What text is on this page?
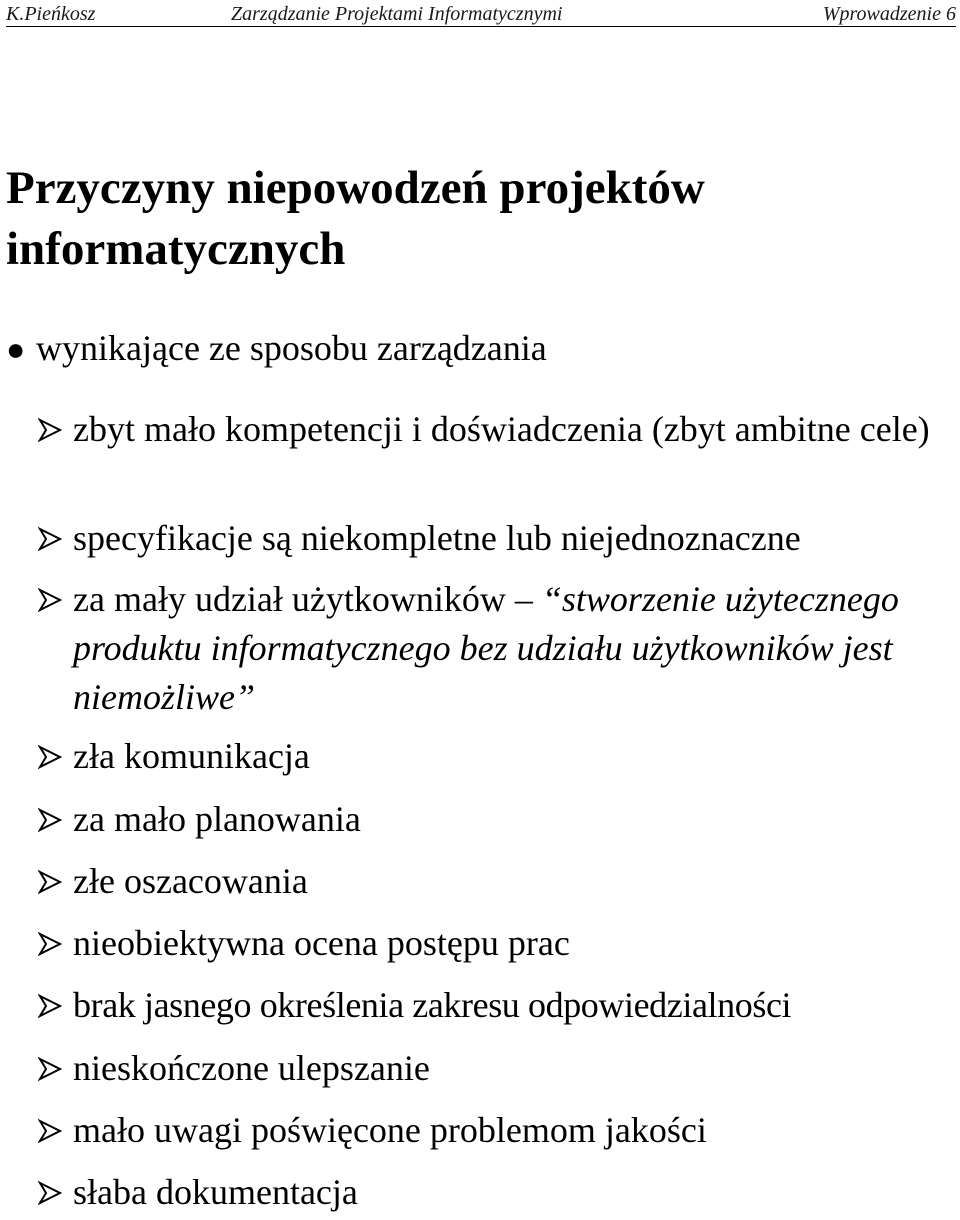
K.Pieńkosz	Zarządzanie Projektami Informatycznymi	Wprowadzenie 6
Przyczyny niepowodzeń projektów informatycznych
● wynikające ze sposobu zarządzania
zbyt mało kompetencji i doświadczenia (zbyt ambitne cele)
specyfikacje są niekompletne lub niejednoznaczne
za mały udział użytkowników – “stworzenie użytecznego produktu informatycznego bez udziału użytkowników jest niemożliwe”
zła komunikacja
za mało planowania
złe oszacowania
nieobiektywna ocena postępu prac
brak jasnego określenia zakresu odpowiedzialności
nieskończone ulepszanie
mało uwagi poświęcone problemom jakości
słaba dokumentacja
